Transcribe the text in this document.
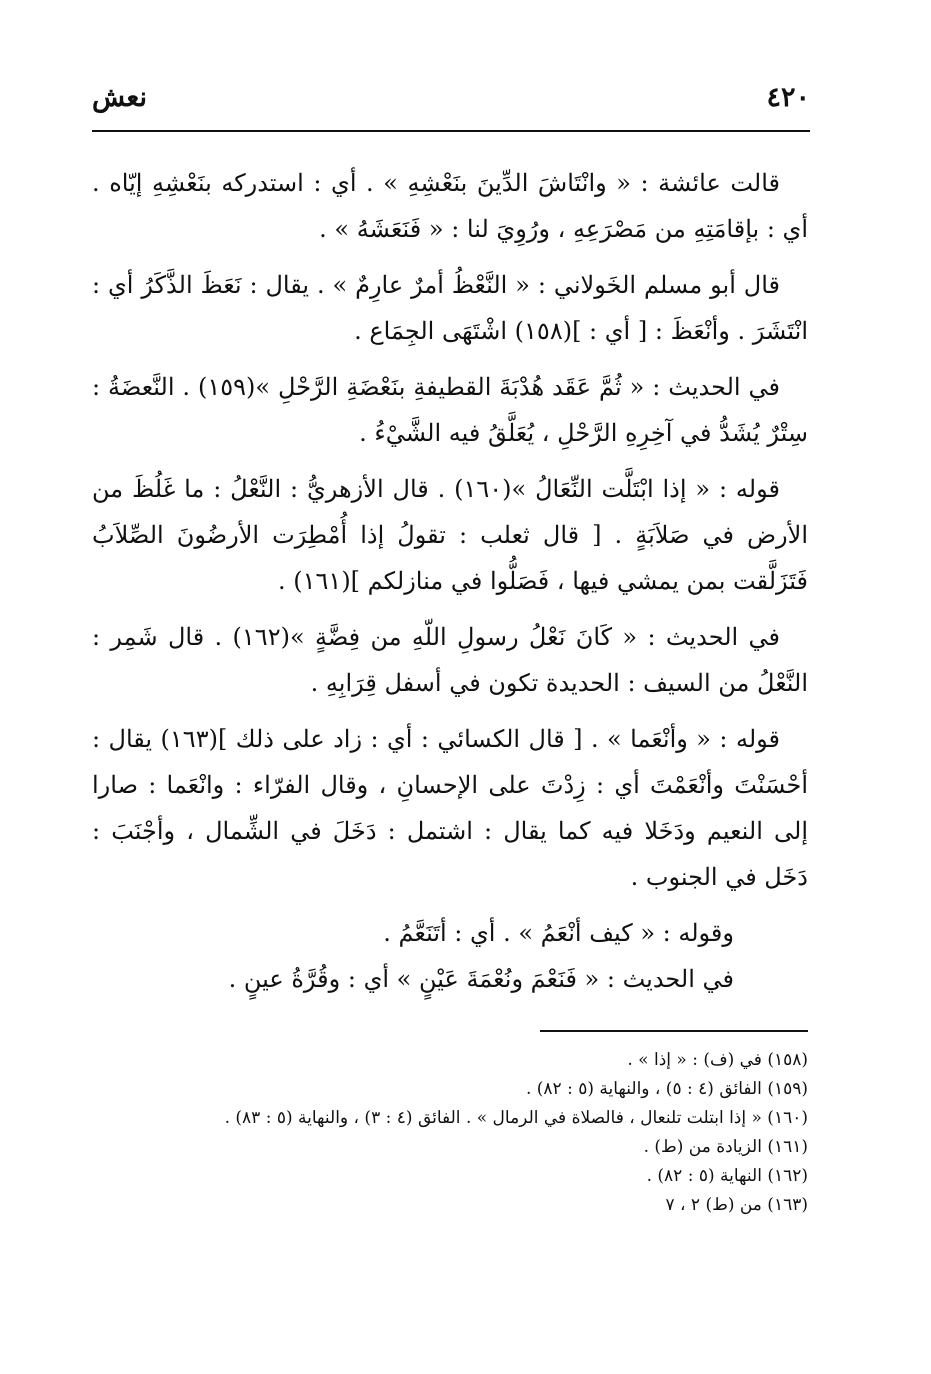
٤٢٠
نعش

قالت عائشة : « وانْتَاشَ الدِّينَ بنَعْشِهِ » . أي : استدركه بنَعْشِهِ إيّاه . أي : بإقامَتِهِ من مَصْرَعِهِ ، ورُوِيَ لنا : « فَنَعَشَهُ » .

قال أبو مسلم الخَولاني : « النَّعْظُ أمرٌ عارِمٌ » . يقال : نَعَظَ الذَّكَرُ أي : انْتَشَرَ . وأنْعَظَ : [ أي : ](١٥٨) اشْتَهَى الجِمَاع .

في الحديث : « ثُمَّ عَقَد هُدْبَةَ القطيفةِ بنَعْضَةِ الرَّحْلِ »(١٥٩) . النَّعضَةُ : سِتْرٌ يُشَدُّ في آخِرِهِ الرَّحْلِ ، يُعَلَّقُ فيه الشَّيْءُ .

قوله : « إذا ابْتَلَّت النِّعَالُ »(١٦٠) . قال الأزهريُّ : النَّعْلُ : ما غَلُظَ من الأرض في صَلاَبَةٍ . [ قال ثعلب : تقولُ إذا أُمْطِرَت الأرضُونَ الصِّلاَبُ فَتَزَلَّقت بمن يمشي فيها ، فَصَلُّوا في منازلكم ](١٦١) .

في الحديث : « كَانَ نَعْلُ رسولِ اللّهِ من فِضَّةٍ »(١٦٢) . قال شَمِر : النَّعْلُ من السيف : الحديدة تكون في أسفل قِرَابِهِ .

قوله : « وأنْعَما » . [ قال الكسائي : أي : زاد على ذلك ](١٦٣) يقال : أحْسَنْتَ وأنْعَمْتَ أي : زِدْتَ على الإحسانِ ، وقال الفرّاء : وانْعَما : صارا إلى النعيم ودَخَلا فيه كما يقال : اشتمل : دَخَلَ في الشِّمال ، وأجْنَبَ : دَخَل في الجنوب .

وقوله : « كيف أنْعَمُ » . أي : أتَنَعَّمُ .

في الحديث : « فَنَعْمَ ونُعْمَةَ عَيْنٍ » أي : وقُرَّةُ عينٍ .

(١٥٨) في (ف) : « إذا » .
(١٥٩) الفائق (٤ : ٥) ، والنهاية (٥ : ٨٢) .
(١٦٠) « إذا ابتلت تلنعال ، فالصلاة في الرمال » . الفائق (٤ : ٣) ، والنهاية (٥ : ٨٣) .
(١٦١) الزيادة من (ط) .
(١٦٢) النهاية (٥ : ٨٢) .
(١٦٣) من (ط) ٢ ، ٧
